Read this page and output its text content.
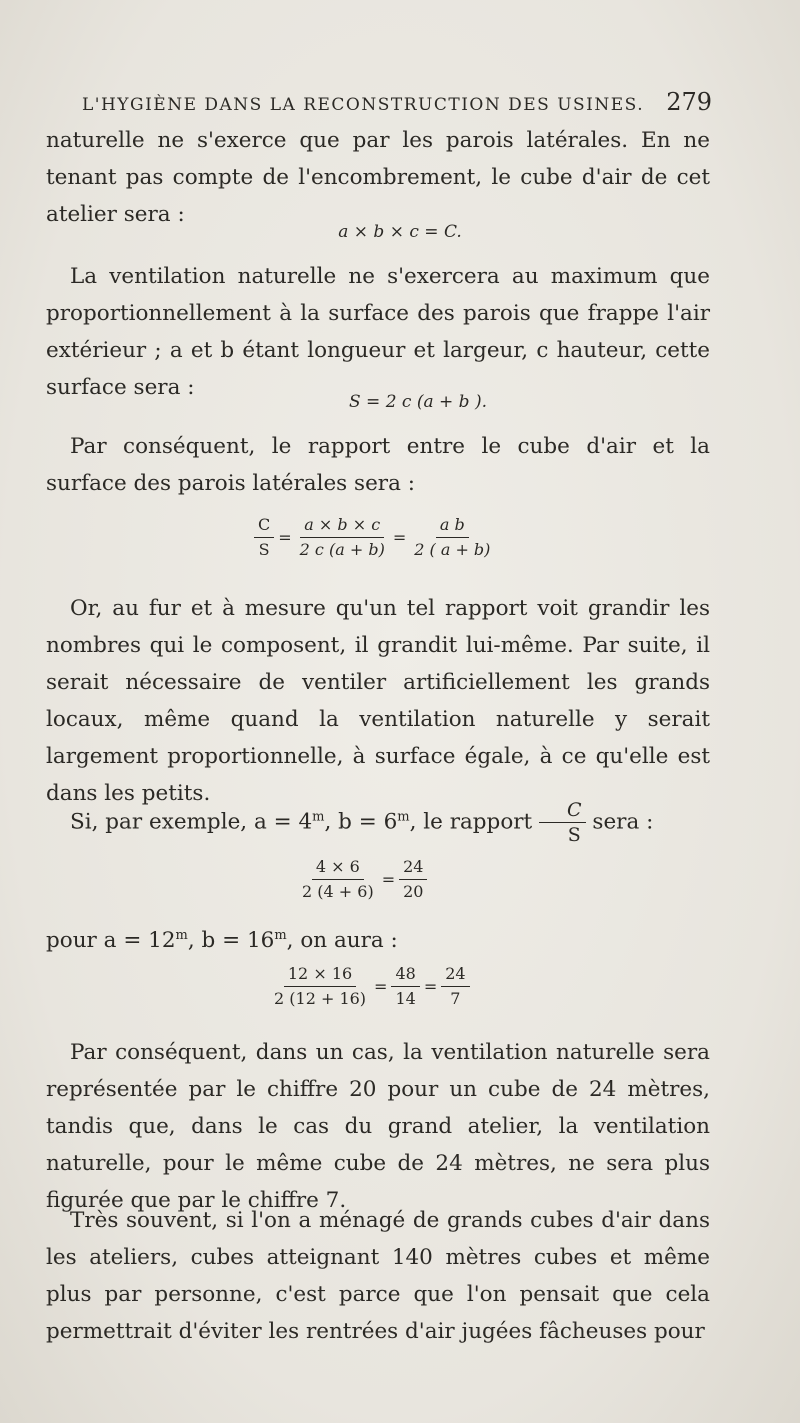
L'HYGIÈNE DANS LA RECONSTRUCTION DES USINES. 279

naturelle ne s'exerce que par les parois latérales. En ne tenant pas compte de l'encombrement, le cube d'air de cet atelier sera :

a × b × c = C.

La ventilation naturelle ne s'exercera au maximum que proportionnellement à la surface des parois que frappe l'air extérieur ; a et b étant longueur et largeur, c hauteur, cette surface sera :

S = 2 c (a + b ).

Par conséquent, le rapport entre le cube d'air et la surface des parois latérales sera :

$\frac{C}{S} = \frac{a \times b \times c}{2 c (a + b)} = \frac{\text{a b}}{2 ( a + b)}$

Or, au fur et à mesure qu'un tel rapport voit grandir les nombres qui le composent, il grandit lui-même. Par suite, il serait nécessaire de ventiler artificiellement les grands locaux, même quand la ventilation naturelle y serait largement proportionnelle, à surface égale, à ce qu'elle est dans les petits.

Si, par exemple, $a = 4^m$, $b = 6^m$, le rapport $\frac{C}{S}$ sera :

$\frac{4 \times 6}{2 (4 + 6)} = \frac{24}{20}$

pour $a = 12^m$, $b = 16^m$, on aura :

$\frac{12 \times 16}{2 (12 + 16)} = \frac{48}{14} = \frac{24}{7}$

Par conséquent, dans un cas, la ventilation naturelle sera représentée par le chiffre 20 pour un cube de 24 mètres, tandis que, dans le cas du grand atelier, la ventilation naturelle, pour le même cube de 24 mètres, ne sera plus figurée que par le chiffre 7.

Très souvent, si l'on a ménagé de grands cubes d'air dans les ateliers, cubes atteignant 140 mètres cubes et même plus par personne, c'est parce que l'on pensait que cela permettrait d'éviter les rentrées d'air jugées fâcheuses pour
